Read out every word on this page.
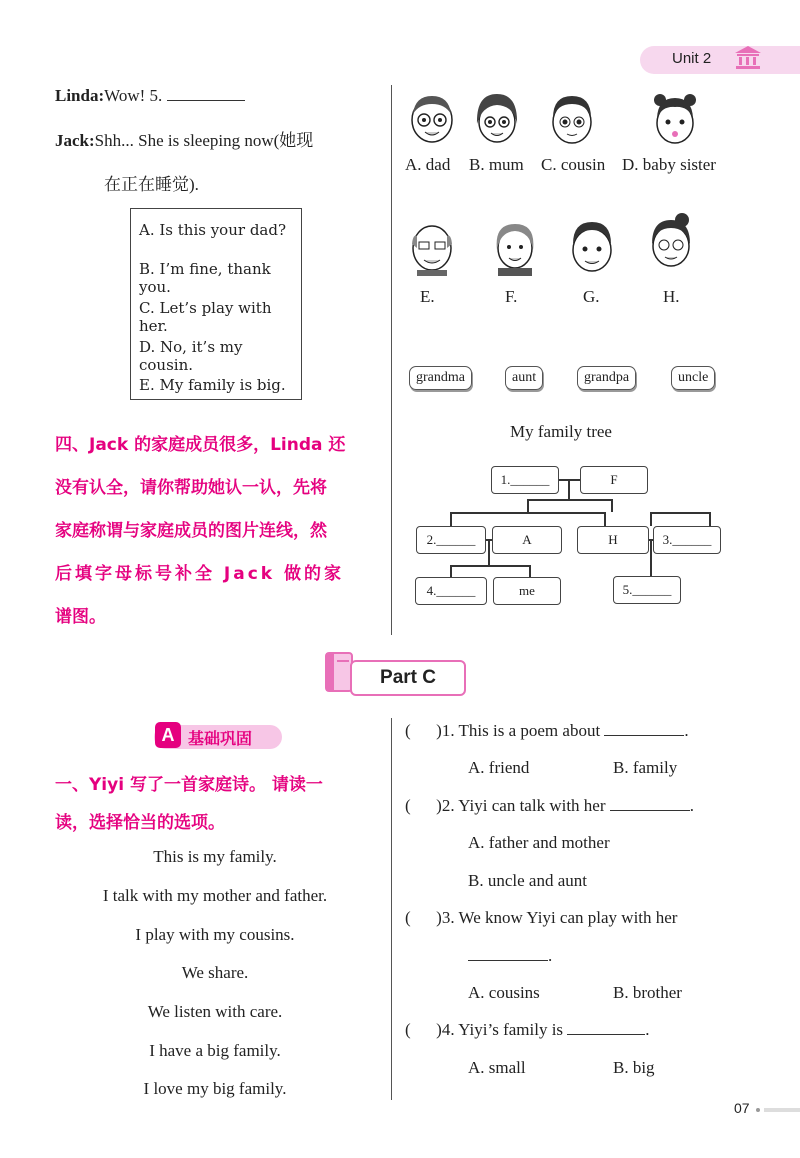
Unit 2
Linda:Wow! 5.
Jack:Shh... She is sleeping now(她现
在正在睡觉).
A. Is this your dad?
B. I’m fine, thank you.
C. Let’s play with her.
D. No, it’s my cousin.
E. My family is big.
四、Jack 的家庭成员很多，Linda 还
没有认全，请你帮助她认一认，先将
家庭称谓与家庭成员的图片连线，然
后填字母标号补全 Jack 做的家
谱图。
A. dad B. mum C. cousin D. baby sister
E.	F.	G.	H.
grandma	aunt	grandpa	uncle
My family tree
1.______	F
2.______	A	H	3.______
4.______	me	5.______
Part C
A 基础巩固
一、Yiyi 写了一首家庭诗。 请读一
读，选择恰当的选项。
This is my family.
I talk with my mother and father.
I play with my cousins.
We share.
We listen with care.
I have a big family.
I love my big family.
(      )1. This is a poem about	.
A. friend	B. family
(      )2. Yiyi can talk with her	.
A. father and mother
B. uncle and aunt
(      )3. We know Yiyi can play with her
.
A. cousins	B. brother
(      )4. Yiyi’s family is	.
A. small	B. big
07
